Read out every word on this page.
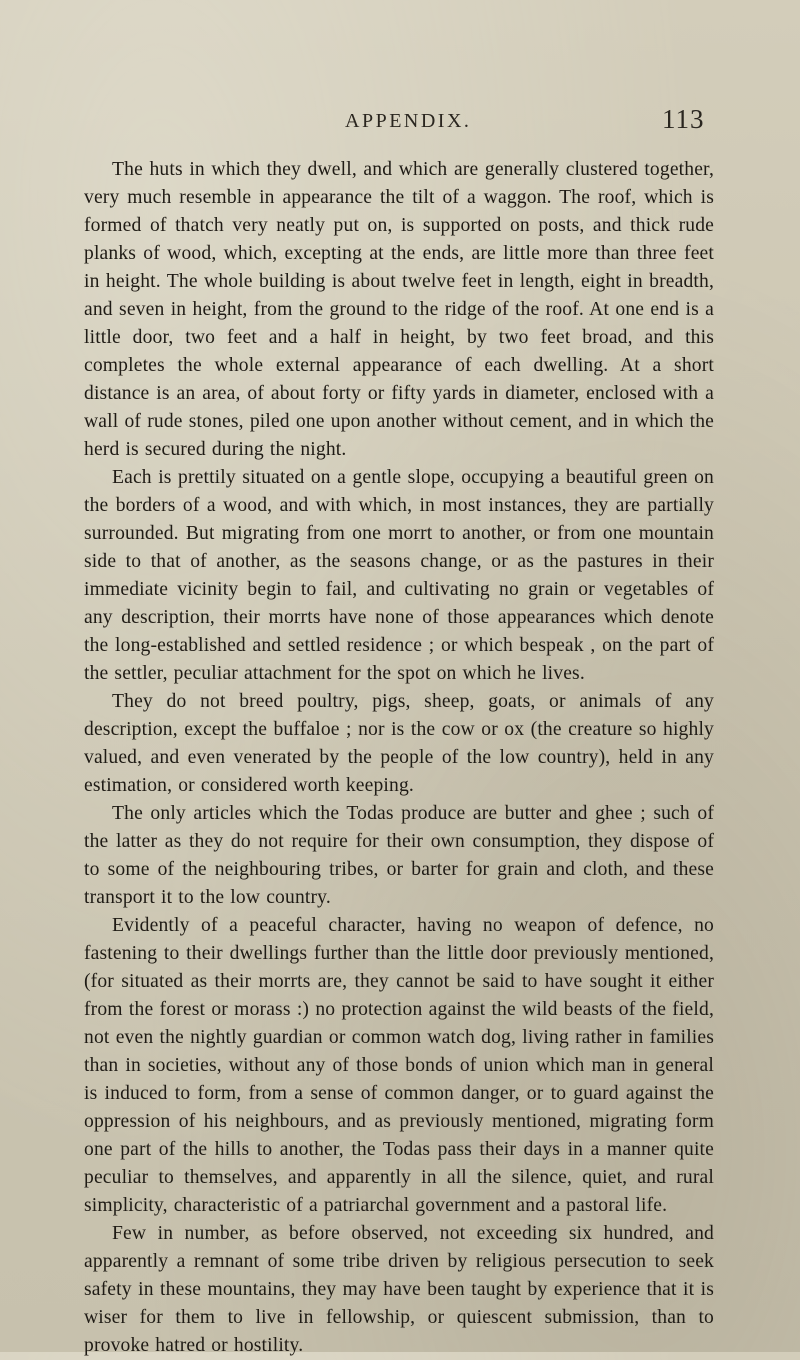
APPENDIX.	113

The huts in which they dwell, and which are generally clustered together, very much resemble in appearance the tilt of a waggon. The roof, which is formed of thatch very neatly put on, is supported on posts, and thick rude planks of wood, which, excepting at the ends, are little more than three feet in height. The whole building is about twelve feet in length, eight in breadth, and seven in height, from the ground to the ridge of the roof. At one end is a little door, two feet and a half in height, by two feet broad, and this completes the whole external appearance of each dwelling. At a short distance is an area, of about forty or fifty yards in diameter, enclosed with a wall of rude stones, piled one upon another without cement, and in which the herd is secured during the night.

Each is prettily situated on a gentle slope, occupying a beautiful green on the borders of a wood, and with which, in most instances, they are partially surrounded. But migrating from one morrt to another, or from one mountain side to that of another, as the seasons change, or as the pastures in their immediate vicinity begin to fail, and cultivating no grain or vegetables of any description, their morrts have none of those appearances which denote the long-established and settled residence ; or which bespeak , on the part of the settler, peculiar attachment for the spot on which he lives.

They do not breed poultry, pigs, sheep, goats, or animals of any description, except the buffaloe ; nor is the cow or ox (the creature so highly valued, and even venerated by the people of the low country), held in any estimation, or considered worth keeping.

The only articles which the Todas produce are butter and ghee ; such of the latter as they do not require for their own consumption, they dispose of to some of the neighbouring tribes, or barter for grain and cloth, and these transport it to the low country.

Evidently of a peaceful character, having no weapon of defence, no fastening to their dwellings further than the little door previously mentioned, (for situated as their morrts are, they cannot be said to have sought it either from the forest or morass :) no protection against the wild beasts of the field, not even the nightly guardian or common watch dog, living rather in families than in societies, without any of those bonds of union which man in general is induced to form, from a sense of common danger, or to guard against the oppression of his neighbours, and as previously mentioned, migrating form one part of the hills to another, the Todas pass their days in a manner quite peculiar to themselves, and apparently in all the silence, quiet, and rural simplicity, characteristic of a patriarchal government and a pastoral life.

Few in number, as before observed, not exceeding six hundred, and apparently a remnant of some tribe driven by religious persecution to seek safety in these mountains, they may have been taught by experience that it is wiser for them to live in fellowship, or quiescent submission, than to provoke hatred or hostility.
